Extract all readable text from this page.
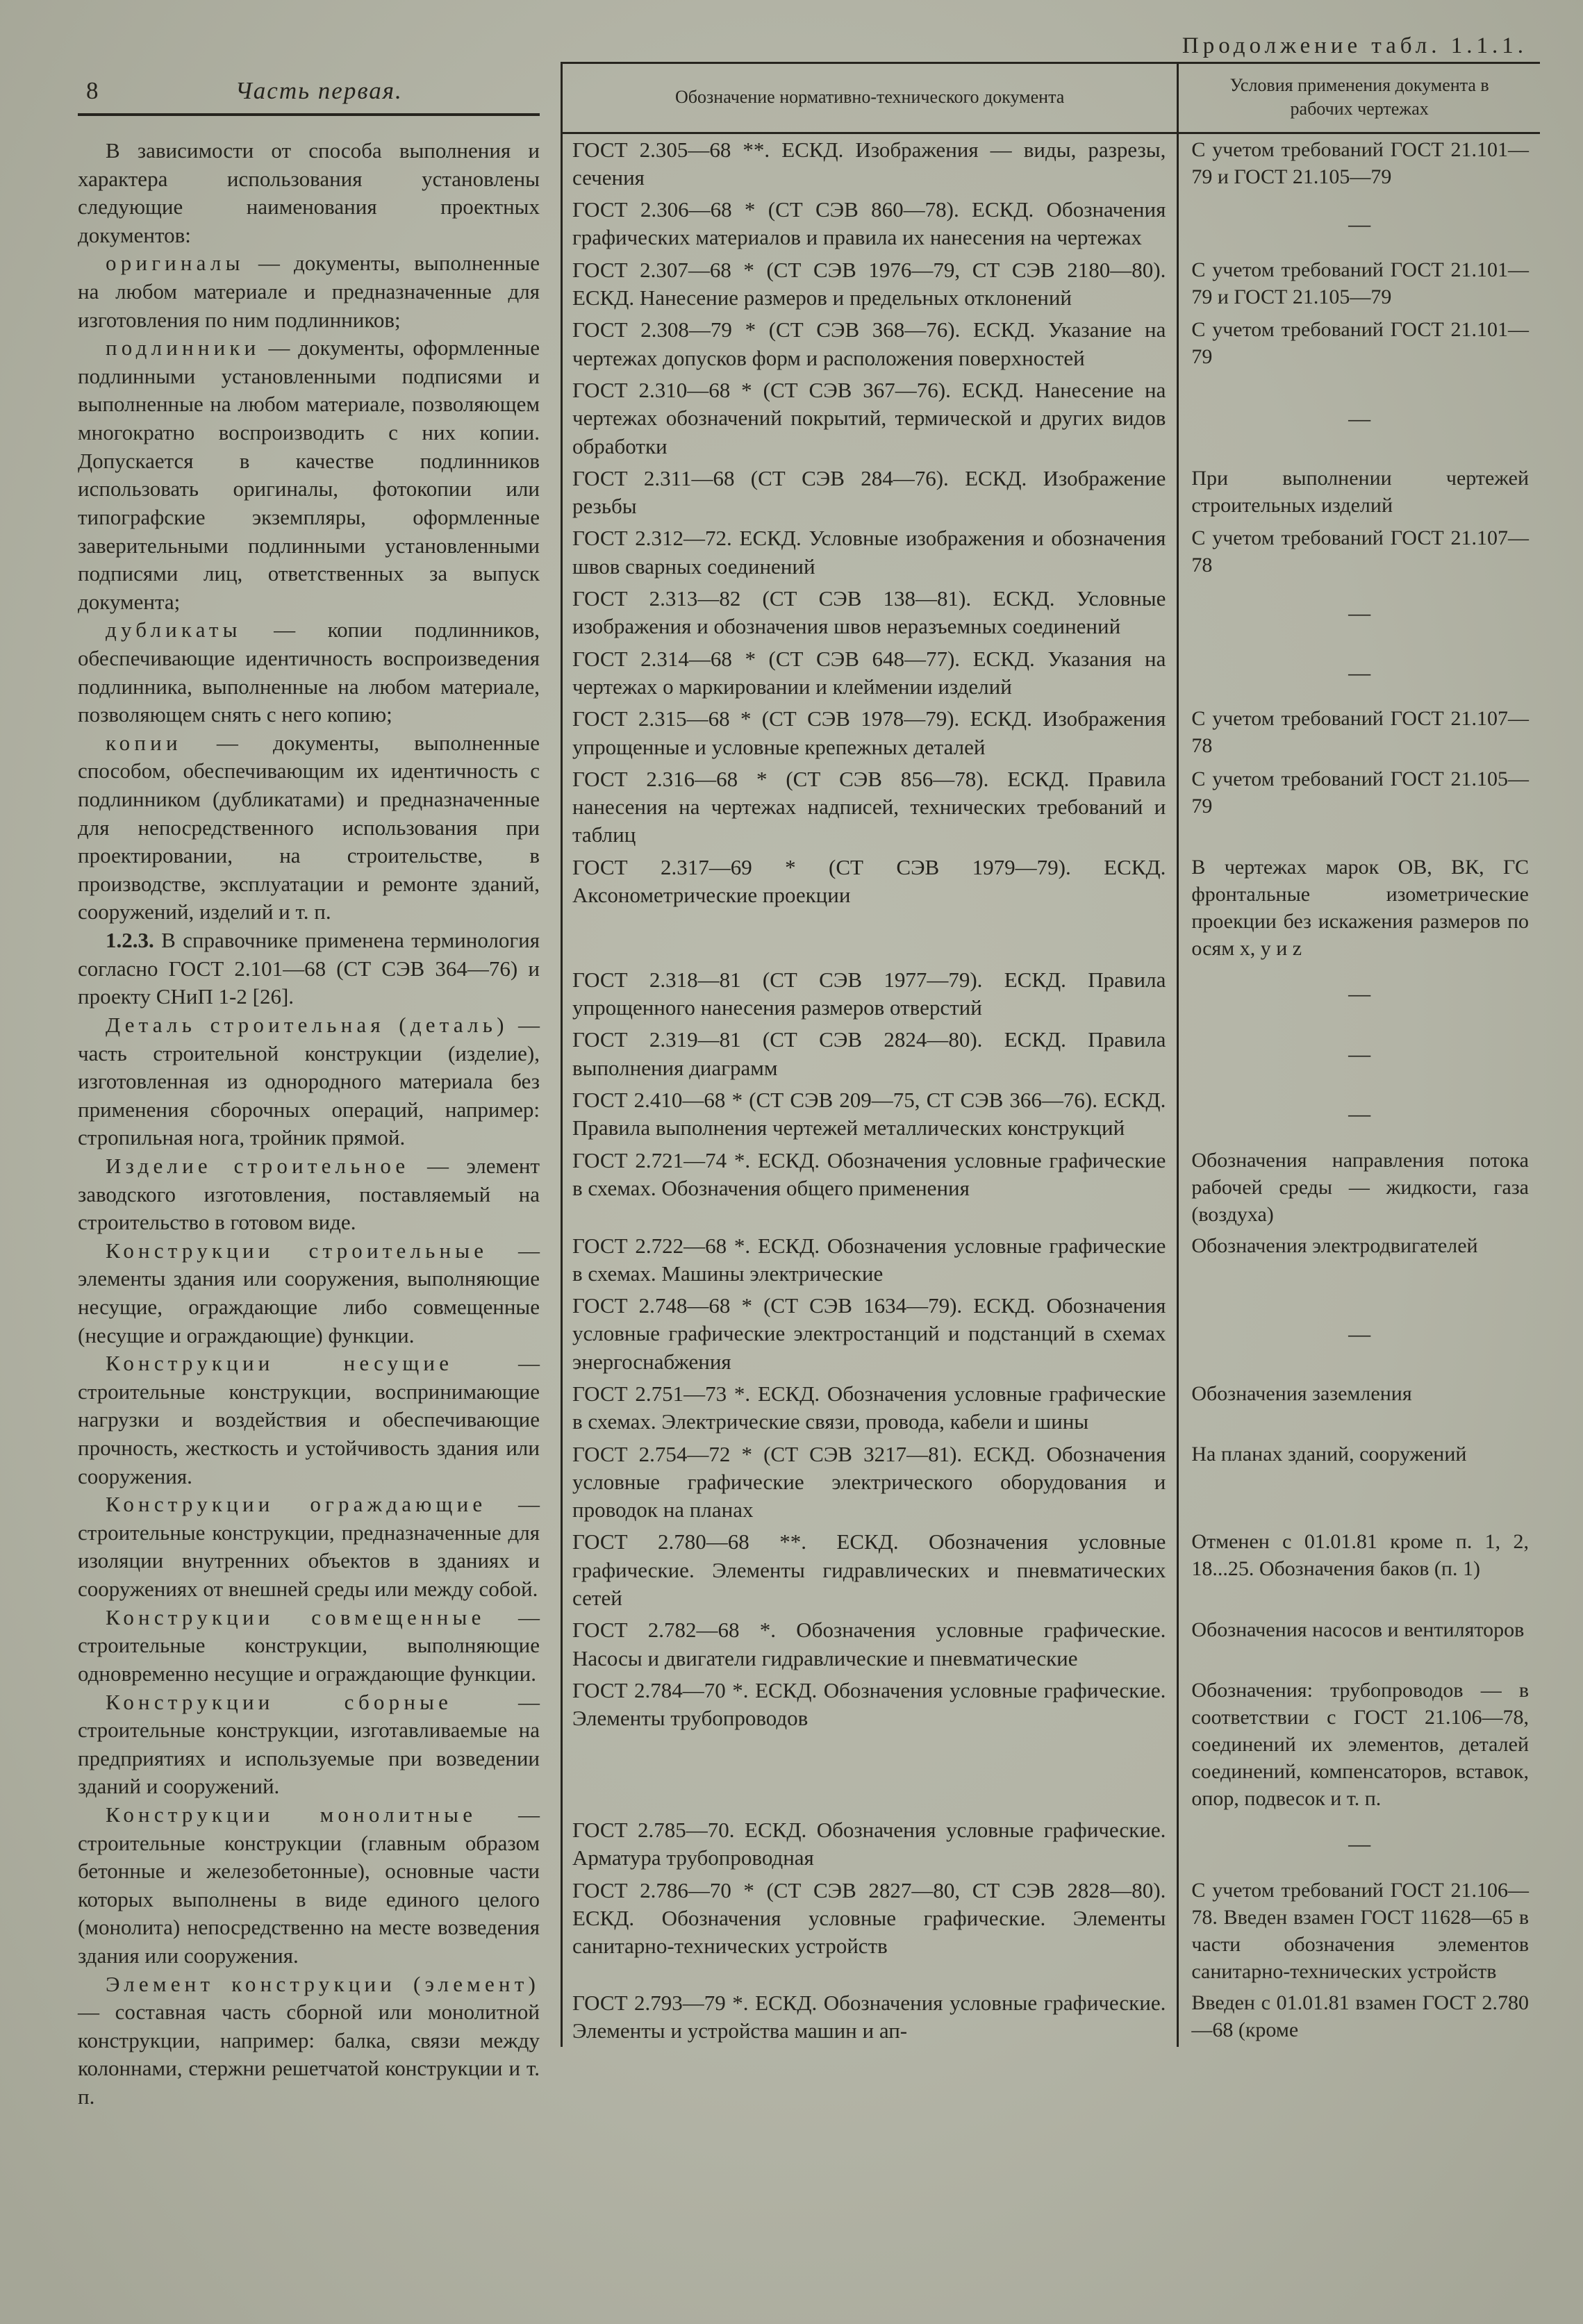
Продолжение табл. 1.1.1.
8	Часть первая.

В зависимости от способа выполнения и характера использования установлены следующие наименования проектных документов:

оригиналы — документы, выполненные на любом материале и предназначенные для изготовления по ним подлинников;

подлинники — документы, оформленные подлинными установленными подписями и выполненные на любом материале, позволяющем многократно воспроизводить с них копии. Допускается в качестве подлинников использовать оригиналы, фотокопии или типографские экземпляры, оформленные заверительными подлинными установленными подписями лиц, ответственных за выпуск документа;

дубликаты — копии подлинников, обеспечивающие идентичность воспроизведения подлинника, выполненные на любом материале, позволяющем снять с него копию;

копии — документы, выполненные способом, обеспечивающим их идентичность с подлинником (дубликатами) и предназначенные для непосредственного использования при проектировании, на строительстве, в производстве, эксплуатации и ремонте зданий, сооружений, изделий и т. п.

1.2.3. В справочнике применена терминология согласно ГОСТ 2.101—68 (СТ СЭВ 364—76) и проекту СНиП 1-2 [26].

Деталь строительная (деталь) — часть строительной конструкции (изделие), изготовленная из однородного материала без применения сборочных операций, например: стропильная нога, тройник прямой.

Изделие строительное — элемент заводского изготовления, поставляемый на строительство в готовом виде.

Конструкции строительные — элементы здания или сооружения, выполняющие несущие, ограждающие либо совмещенные (несущие и ограждающие) функции.

Конструкции несущие	— строительные конструкции, воспринимающие нагрузки и воздействия и обеспечивающие прочность, жесткость и устойчивость здания или сооружения.

Конструкции ограждающие — строительные конструкции, предназначенные для изоляции внутренних объектов в зданиях и сооружениях от внешней среды или между собой.

Конструкции совмещенные — строительные конструкции, выполняющие одновременно несущие и ограждающие функции.

Конструкции сборные	— строительные конструкции, изготавливаемые на предприятиях и используемые при возведении зданий и сооружений.

Конструкции монолитные — строительные конструкции (главным образом бетонные и железобетонные), основные части которых выполнены в виде единого целого (монолита) непосредственно на месте возведения здания или сооружения.

Элемент конструкции (элемент) — составная часть сборной или монолитной конструкции, например: балка, связи между колоннами, стержни решетчатой конструкции и т. п.

Обозначение нормативно-технического документа	Условия применения документа в рабочих чертежах
ГОСТ 2.305—68 **. ЕСКД. Изображения — виды, разрезы, сечения	С учетом требований ГОСТ 21.101—79 и ГОСТ 21.105—79
ГОСТ 2.306—68 * (СТ СЭВ 860—78). ЕСКД. Обозначения графических материалов и правила их нанесения на чертежах	—
ГОСТ 2.307—68 * (СТ СЭВ 1976—79, СТ СЭВ 2180—80). ЕСКД. Нанесение размеров и предельных отклонений	С учетом требований ГОСТ 21.101—79 и ГОСТ 21.105—79
ГОСТ 2.308—79 * (СТ СЭВ 368—76). ЕСКД. Указание на чертежах допусков форм и расположения поверхностей	С учетом требований ГОСТ 21.101—79
ГОСТ 2.310—68 * (СТ СЭВ 367—76). ЕСКД. Нанесение на чертежах обозначений покрытий, термической и других видов обработки	—
ГОСТ 2.311—68 (СТ СЭВ 284—76). ЕСКД. Изображение резьбы	При выполнении чертежей строительных изделий
ГОСТ 2.312—72. ЕСКД. Условные изображения и обозначения швов сварных соединений	С учетом требований ГОСТ 21.107—78
ГОСТ 2.313—82 (СТ СЭВ 138—81). ЕСКД. Условные изображения и обозначения швов неразъемных соединений	—
ГОСТ 2.314—68 * (СТ СЭВ 648—77). ЕСКД. Указания на чертежах о маркировании и клеймении изделий	—
ГОСТ 2.315—68 * (СТ СЭВ 1978—79). ЕСКД. Изображения упрощенные и условные крепежных деталей	С учетом требований ГОСТ 21.107—78
ГОСТ 2.316—68 * (СТ СЭВ 856—78). ЕСКД. Правила нанесения на чертежах надписей, технических требований и таблиц	С учетом требований ГОСТ 21.105—79
ГОСТ 2.317—69 * (СТ СЭВ 1979—79). ЕСКД. Аксонометрические проекции	В чертежах марок ОВ, ВК, ГС фронтальные изометрические проекции без искажения размеров по осям x, y и z
ГОСТ 2.318—81 (СТ СЭВ 1977—79). ЕСКД. Правила упрощенного нанесения размеров отверстий	—
ГОСТ 2.319—81 (СТ СЭВ 2824—80). ЕСКД. Правила выполнения диаграмм	—
ГОСТ 2.410—68 * (СТ СЭВ 209—75, СТ СЭВ 366—76). ЕСКД. Правила выполнения чертежей металлических конструкций	—
ГОСТ 2.721—74 *. ЕСКД. Обозначения условные графические в схемах. Обозначения общего применения	Обозначения направления потока рабочей среды — жидкости, газа (воздуха)
ГОСТ 2.722—68 *. ЕСКД. Обозначения условные графические в схемах. Машины электрические	Обозначения электродвигателей
ГОСТ 2.748—68 * (СТ СЭВ 1634—79). ЕСКД. Обозначения условные графические электростанций и подстанций в схемах энергоснабжения	—
ГОСТ 2.751—73 *. ЕСКД. Обозначения условные графические в схемах. Электрические связи, провода, кабели и шины	Обозначения заземления
ГОСТ 2.754—72 * (СТ СЭВ 3217—81). ЕСКД. Обозначения условные графические электрического оборудования и проводок на планах	На планах зданий, сооружений
ГОСТ 2.780—68 **. ЕСКД. Обозначения условные графические. Элементы гидравлических и пневматических сетей	Отменен с 01.01.81 кроме п. 1, 2, 18...25. Обозначения баков (п. 1)
ГОСТ 2.782—68 *. Обозначения условные графические. Насосы и двигатели гидравлические и пневматические	Обозначения насосов и вентиляторов
ГОСТ 2.784—70 *. ЕСКД. Обозначения условные графические. Элементы трубопроводов	Обозначения: трубопроводов — в соответствии с ГОСТ 21.106—78, соединений их элементов, деталей соединений, компенсаторов, вставок, опор, подвесок и т. п.
ГОСТ 2.785—70. ЕСКД. Обозначения условные графические. Арматура трубопроводная	—
ГОСТ 2.786—70 * (СТ СЭВ 2827—80, СТ СЭВ 2828—80). ЕСКД. Обозначения условные графические. Элементы санитарно-технических устройств	С учетом требований ГОСТ 21.106—78. Введен взамен ГОСТ 11628—65 в части обозначения элементов санитарно-технических устройств
ГОСТ 2.793—79 *. ЕСКД. Обозначения условные графические. Элементы и устройства машин и ап-	Введен с 01.01.81 взамен ГОСТ 2.780—68 (кроме
